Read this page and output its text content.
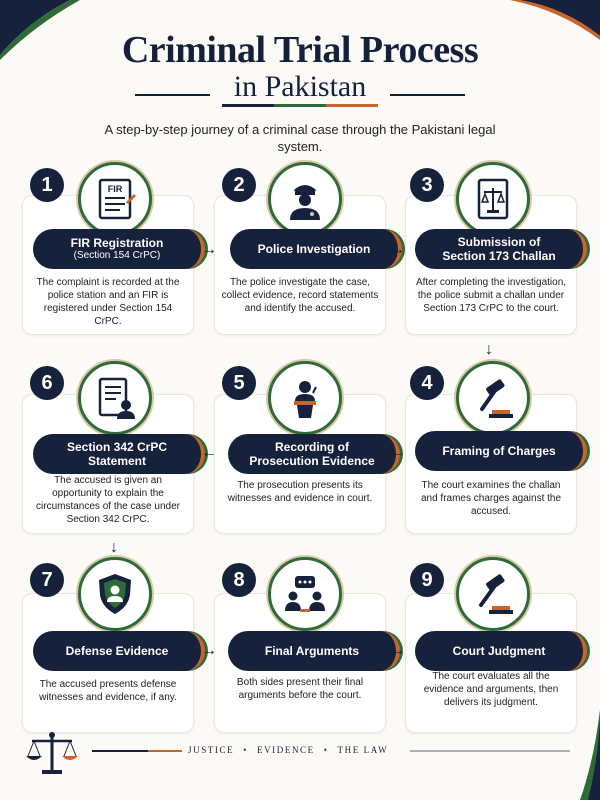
Criminal Trial Process
in Pakistan
A step-by-step journey of a criminal case through the Pakistani legal system.
1	FIR
FIR Registration
(Section 154 CrPC)
The complaint is recorded at the police station and an FIR is registered under Section 154 CrPC.
2
Police Investigation
The police investigate the case, collect evidence, record statements and identify the accused.
3
Submission of
Section 173 Challan
After completing the investigation, the police submit a challan under Section 173 CrPC to the court.
6
Section 342 CrPC
Statement
The accused is given an opportunity to explain the circumstances of the case under Section 342 CrPC.
5
Recording of
Prosecution Evidence
The prosecution presents its witnesses and evidence in court.
4
Framing of Charges
The court examines the challan and frames charges against the accused.
7
Defense Evidence
The accused presents defense witnesses and evidence, if any.
8
Final Arguments
Both sides present their final arguments before the court.
9
Court Judgment
The court evaluates all the evidence and arguments, then delivers its judgment.
→	→
↓
←
←
↓
→	→
JUSTICE • EVIDENCE • THE LAW
